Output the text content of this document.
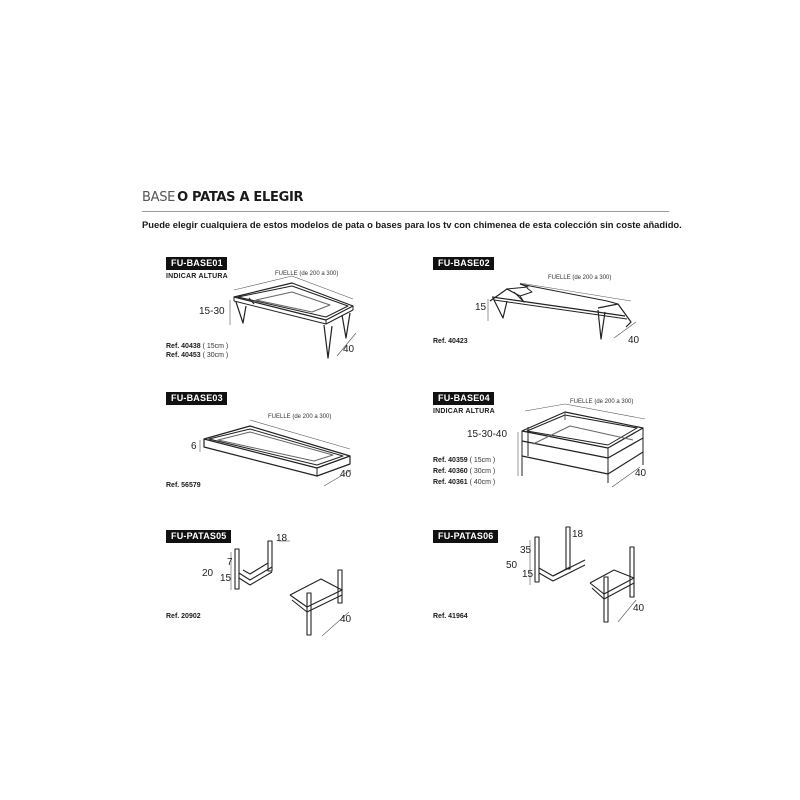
BASE O PATAS A ELEGIR
Puede elegir cualquiera de estos modelos de pata o bases para los tv con chimenea de esta colección sin coste añadido.
FU-BASE01
INDICAR ALTURA	FUELLE (de 200 a 300)
15-30
40
Ref. 40438 ( 15cm )
Ref. 40453 ( 30cm )
FU-BASE02
FUELLE (de 200 a 300)
15
40
Ref. 40423
FU-BASE03
FUELLE (de 200 a 300)
6
40
Ref. 56579
FU-BASE04
INDICAR ALTURA
FUELLE (de 200 a 300)
15-30-40
40
Ref. 40359 ( 15cm )
Ref. 40360 ( 30cm )
Ref. 40361 ( 40cm )
FU-PATAS05	18
7
20 15
40
Ref. 20902
FU-PATAS06	18
35
50
15
40
Ref. 41964
